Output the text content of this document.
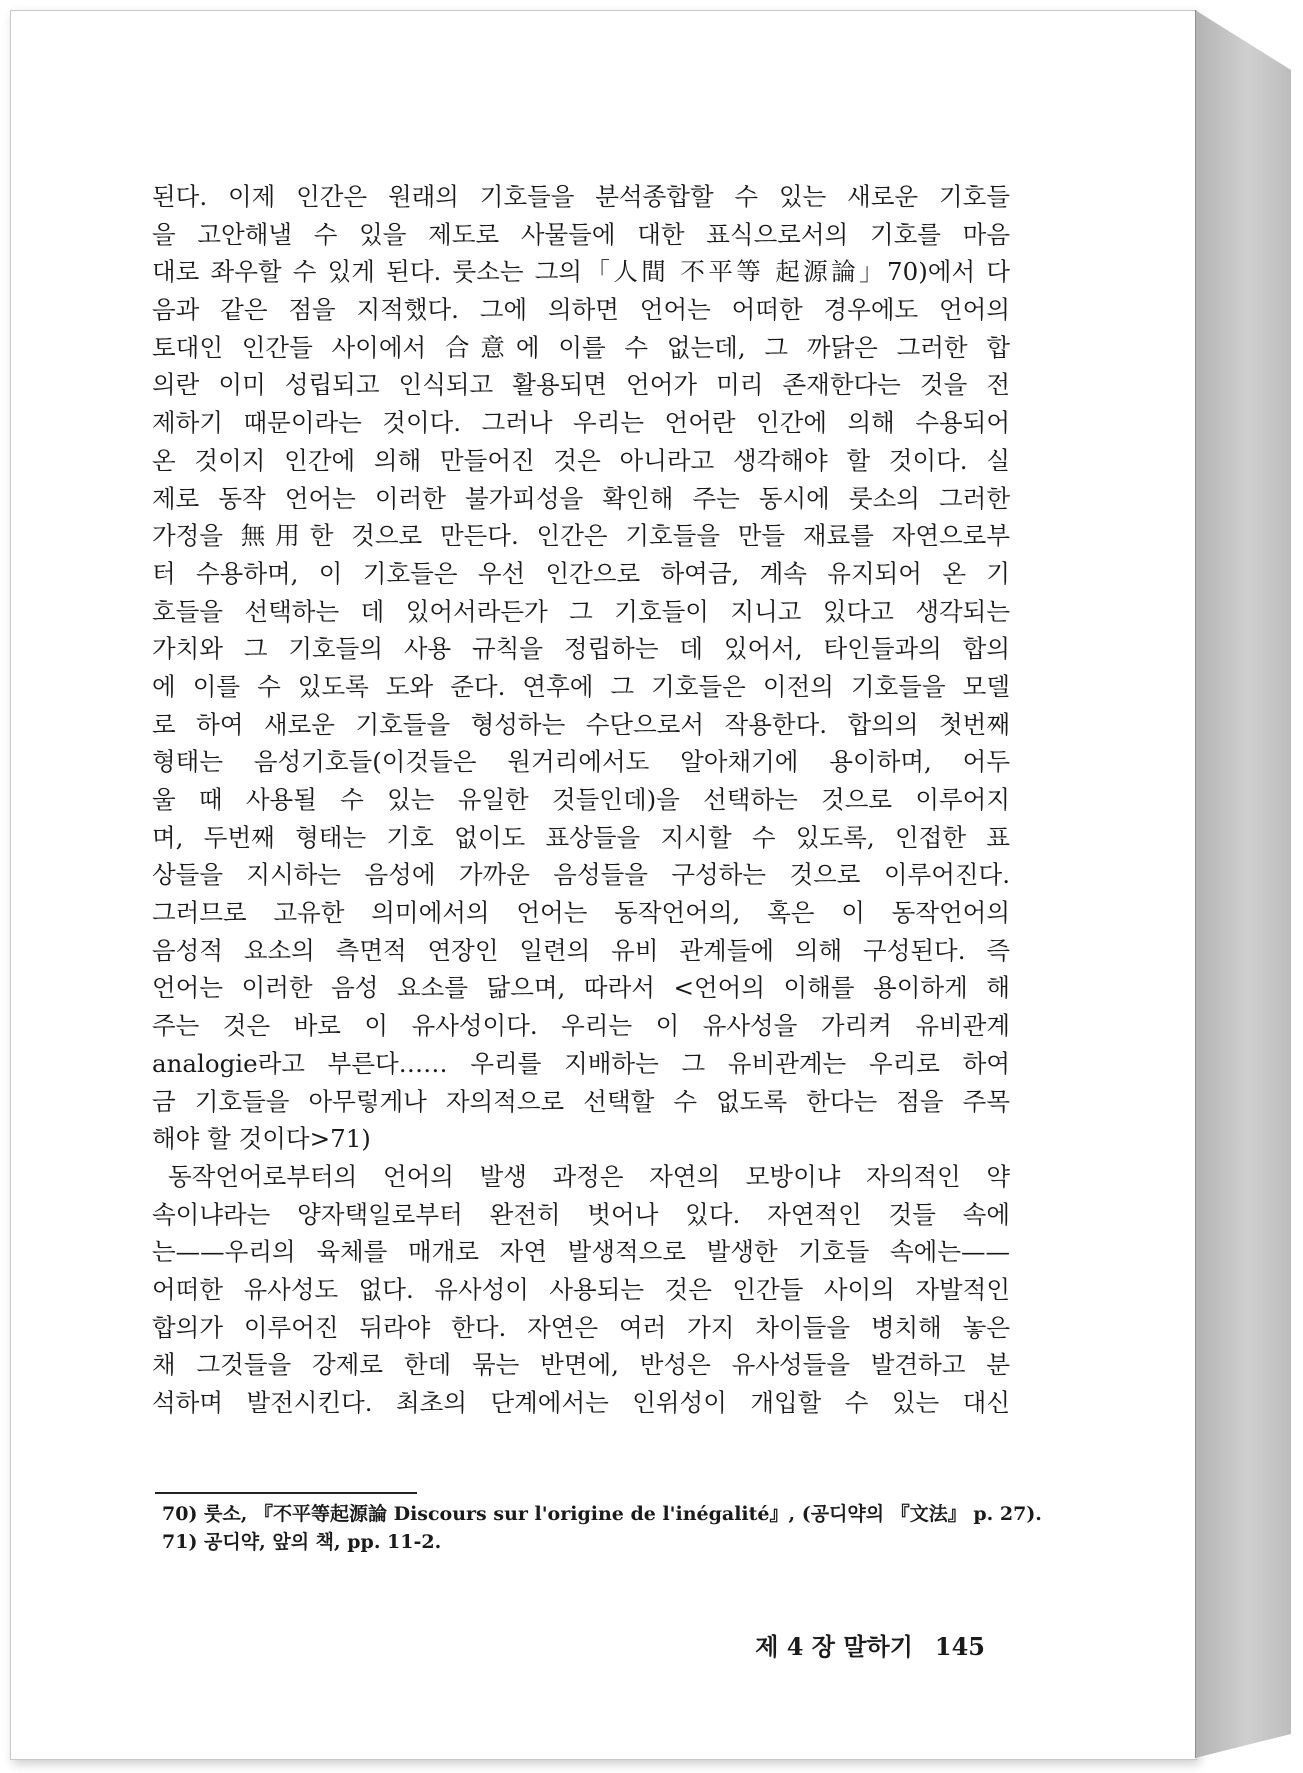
된다. 이제 인간은 원래의 기호들을 분석종합할 수 있는 새로운 기호들
을 고안해낼 수 있을 제도로 사물들에 대한 표식으로서의 기호를 마음
대로 좌우할 수 있게 된다. 룻소는 그의「人間 不平等 起源論」70)에서 다
음과 같은 점을 지적했다. 그에 의하면 언어는 어떠한 경우에도 언어의
토대인 인간들 사이에서 合意에 이를 수 없는데, 그 까닭은 그러한 합
의란 이미 성립되고 인식되고 활용되면 언어가 미리 존재한다는 것을 전
제하기 때문이라는 것이다. 그러나 우리는 언어란 인간에 의해 수용되어
온 것이지 인간에 의해 만들어진 것은 아니라고 생각해야 할 것이다. 실
제로 동작 언어는 이러한 불가피성을 확인해 주는 동시에 룻소의 그러한
가정을 無用한 것으로 만든다. 인간은 기호들을 만들 재료를 자연으로부
터 수용하며, 이 기호들은 우선 인간으로 하여금, 계속 유지되어 온 기
호들을 선택하는 데 있어서라든가 그 기호들이 지니고 있다고 생각되는
가치와 그 기호들의 사용 규칙을 정립하는 데 있어서, 타인들과의 합의
에 이를 수 있도록 도와 준다. 연후에 그 기호들은 이전의 기호들을 모델
로 하여 새로운 기호들을 형성하는 수단으로서 작용한다. 합의의 첫번째
형태는 음성기호들(이것들은 원거리에서도 알아채기에 용이하며, 어두
울 때 사용될 수 있는 유일한 것들인데)을 선택하는 것으로 이루어지
며, 두번째 형태는 기호 없이도 표상들을 지시할 수 있도록, 인접한 표
상들을 지시하는 음성에 가까운 음성들을 구성하는 것으로 이루어진다.
그러므로 고유한 의미에서의 언어는 동작언어의, 혹은 이 동작언어의
음성적 요소의 측면적 연장인 일련의 유비 관계들에 의해 구성된다. 즉
언어는 이러한 음성 요소를 닮으며, 따라서 <언어의 이해를 용이하게 해
주는 것은 바로 이 유사성이다. 우리는 이 유사성을 가리켜 유비관계
analogie라고 부른다…… 우리를 지배하는 그 유비관계는 우리로 하여
금 기호들을 아무렇게나 자의적으로 선택할 수 없도록 한다는 점을 주목
해야 할 것이다>71)
동작언어로부터의 언어의 발생 과정은 자연의 모방이냐 자의적인 약
속이냐라는 양자택일로부터 완전히 벗어나 있다. 자연적인 것들 속에
는——우리의 육체를 매개로 자연 발생적으로 발생한 기호들 속에는——
어떠한 유사성도 없다. 유사성이 사용되는 것은 인간들 사이의 자발적인
합의가 이루어진 뒤라야 한다. 자연은 여러 가지 차이들을 병치해 놓은
채 그것들을 강제로 한데 묶는 반면에, 반성은 유사성들을 발견하고 분
석하며 발전시킨다. 최초의 단계에서는 인위성이 개입할 수 있는 대신
70) 룻소, 『不平等起源論 Discours sur l'origine de l'inégalité』, (공디약의 『文法』 p. 27).
71) 공디약, 앞의 책, pp. 11-2.
제 4 장 말하기 145
